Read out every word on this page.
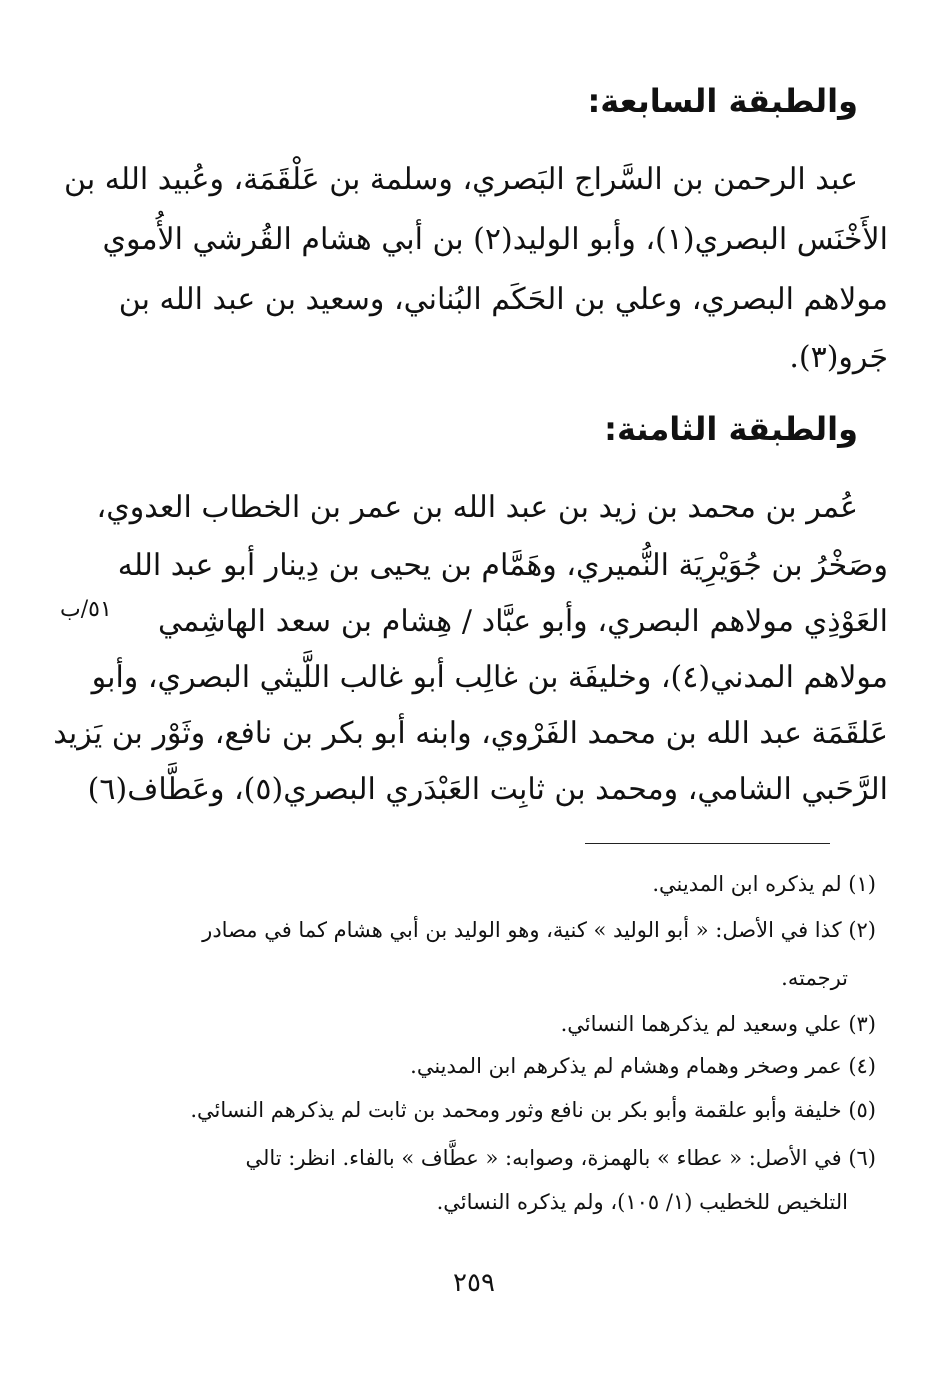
والطبقة السابعة:
عبد الرحمن بن السَّراج البَصري، وسلمة بن عَلْقَمَة، وعُبيد الله بن
الأَخْنَس البصري(١)، وأبو الوليد(٢) بن أبي هشام القُرشي الأُموي
مولاهم البصري، وعلي بن الحَكَم البُناني، وسعيد بن عبد الله بن
جَرو(٣).
والطبقة الثامنة:
عُمر بن محمد بن زيد بن عبد الله بن عمر بن الخطاب العدوي،
وصَخْرُ بن جُوَيْرِيَة النُّميري، وهَمَّام بن يحيى بن دِينار أبو عبد الله
العَوْذِي مولاهم البصري، وأبو عبَّاد / هِشام بن سعد الهاشِمي
مولاهم المدني(٤)، وخليفَة بن غالِب أبو غالب اللَّيثي البصري، وأبو
عَلقَمَة عبد الله بن محمد الفَرْوي، وابنه أبو بكر بن نافع، وثَوْر بن يَزيد
الرَّحَبي الشامي، ومحمد بن ثابِت العَبْدَري البصري(٥)، وعَطَّاف(٦)
٥١/ب
(١) لم يذكره ابن المديني.
(٢) كذا في الأصل: « أبو الوليد » كنية، وهو الوليد بن أبي هشام كما في مصادر
ترجمته.
(٣) علي وسعيد لم يذكرهما النسائي.
(٤) عمر وصخر وهمام وهشام لم يذكرهم ابن المديني.
(٥) خليفة وأبو علقمة وأبو بكر بن نافع وثور ومحمد بن ثابت لم يذكرهم النسائي.
(٦) في الأصل: « عطاء » بالهمزة، وصوابه: « عطَّاف » بالفاء. انظر: تالي
التلخيص للخطيب (١/ ١٠٥)، ولم يذكره النسائي.
٢٥٩
